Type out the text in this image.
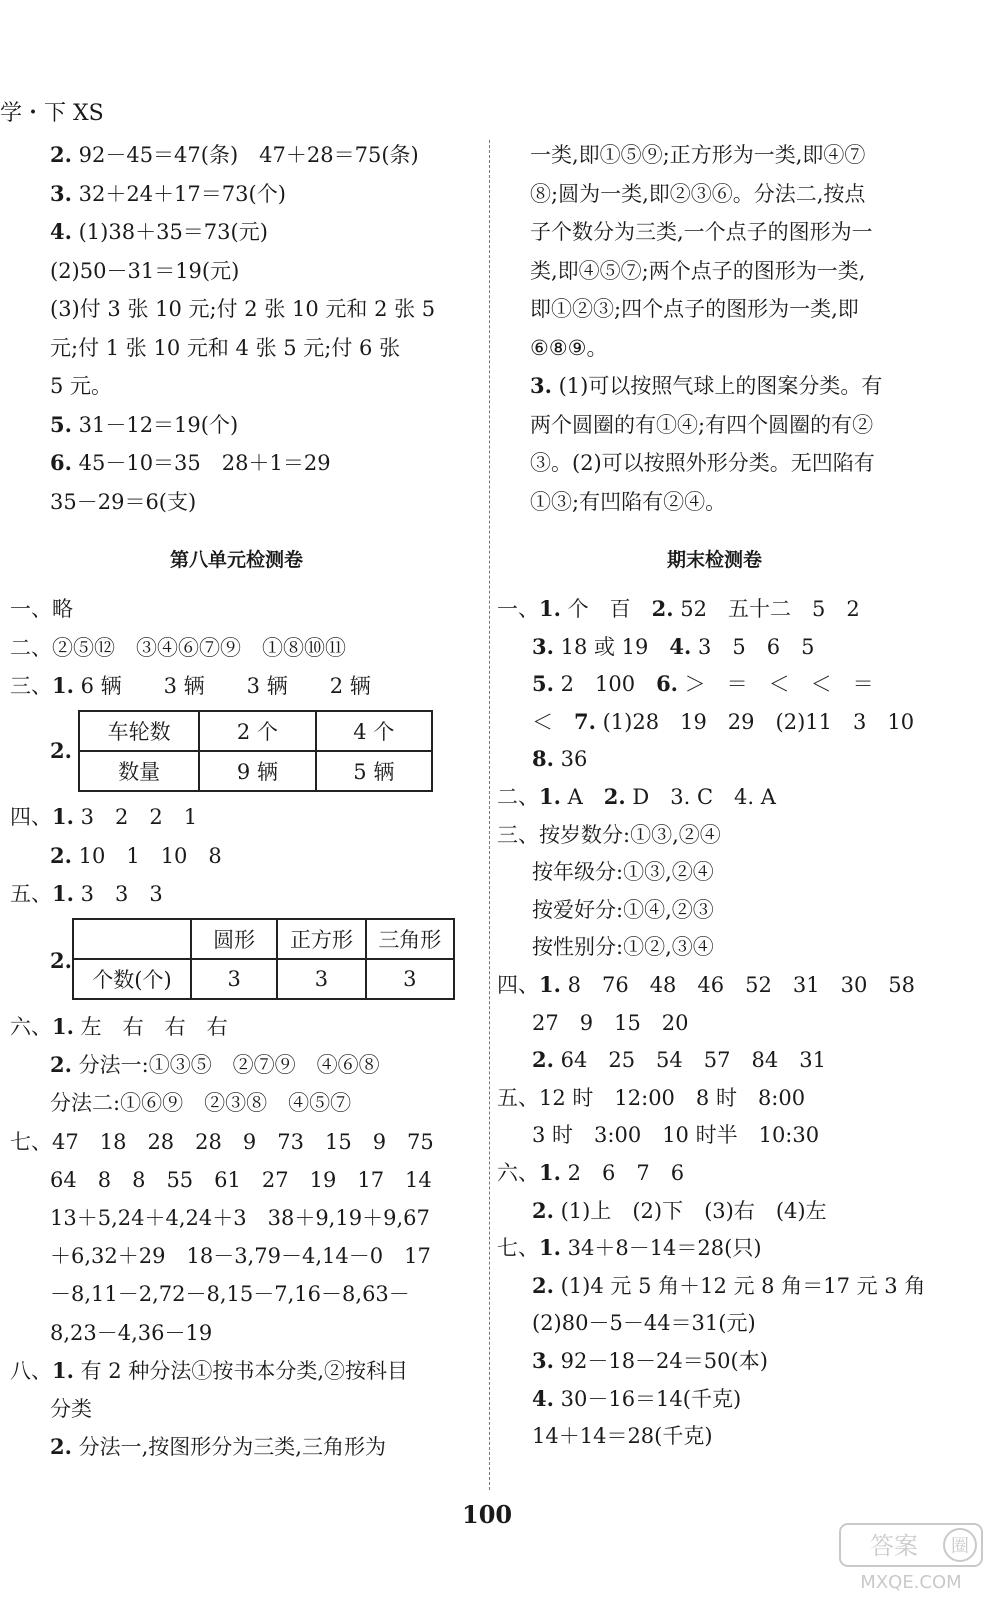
学・下 XS
2. 92－45＝47(条)　47＋28＝75(条)
3. 32＋24＋17＝73(个)
4. (1)38＋35＝73(元)
(2)50－31＝19(元)
(3)付 3 张 10 元;付 2 张 10 元和 2 张 5
元;付 1 张 10 元和 4 张 5 元;付 6 张
5 元。
5. 31－12＝19(个)
6. 45－10＝35　28＋1＝29
35－29＝6(支)
第八单元检测卷
一、略
二、②⑤⑫　③④⑥⑦⑨　①⑧⑩⑪
三、1. 6 辆　　3 辆　　3 辆　　2 辆
2.
车轮数	2 个	4 个
数量	9 辆	5 辆
四、1. 3　2　2　1
2. 10　1　10　8
五、1. 3　3　3
2.
	圆形	正方形	三角形
个数(个)	3	3	3
六、1. 左　右　右　右
2. 分法一:①③⑤　②⑦⑨　④⑥⑧
分法二:①⑥⑨　②③⑧　④⑤⑦
七、47　18　28　28　9　73　15　9　75
64　8　8　55　61　27　19　17　14
13＋5,24＋4,24＋3　38＋9,19＋9,67
＋6,32＋29　18－3,79－4,14－0　17
－8,11－2,72－8,15－7,16－8,63－
8,23－4,36－19
八、1. 有 2 种分法①按书本分类,②按科目
分类
2. 分法一,按图形分为三类,三角形为
一类,即①⑤⑨;正方形为一类,即④⑦
⑧;圆为一类,即②③⑥。分法二,按点
子个数分为三类,一个点子的图形为一
类,即④⑤⑦;两个点子的图形为一类,
即①②③;四个点子的图形为一类,即
⑥⑧⑨。
3. (1)可以按照气球上的图案分类。有
两个圆圈的有①④;有四个圆圈的有②
③。(2)可以按照外形分类。无凹陷有
①③;有凹陷有②④。
期末检测卷
一、1. 个　百　2. 52　五十二　5　2
3. 18 或 19　4. 3　5　6　5
5. 2　100　6. ＞　＝　＜　＜　＝
＜　7. (1)28　19　29　(2)11　3　10
8. 36
二、1. A　2. D　3. C　4. A
三、按岁数分:①③,②④
按年级分:①③,②④
按爱好分:①④,②③
按性别分:①②,③④
四、1. 8　76　48　46　52　31　30　58
27　9　15　20
2. 64　25　54　57　84　31
五、12 时　12:00　8 时　8:00
3 时　3:00　10 时半　10:30
六、1. 2　6　7　6
2. (1)上　(2)下　(3)右　(4)左
七、1. 34＋8－14＝28(只)
2. (1)4 元 5 角＋12 元 8 角＝17 元 3 角
(2)80－5－44＝31(元)
3. 92－18－24＝50(本)
4. 30－16＝14(千克)
14＋14＝28(千克)
100
答案 圈
MXQE.COM
